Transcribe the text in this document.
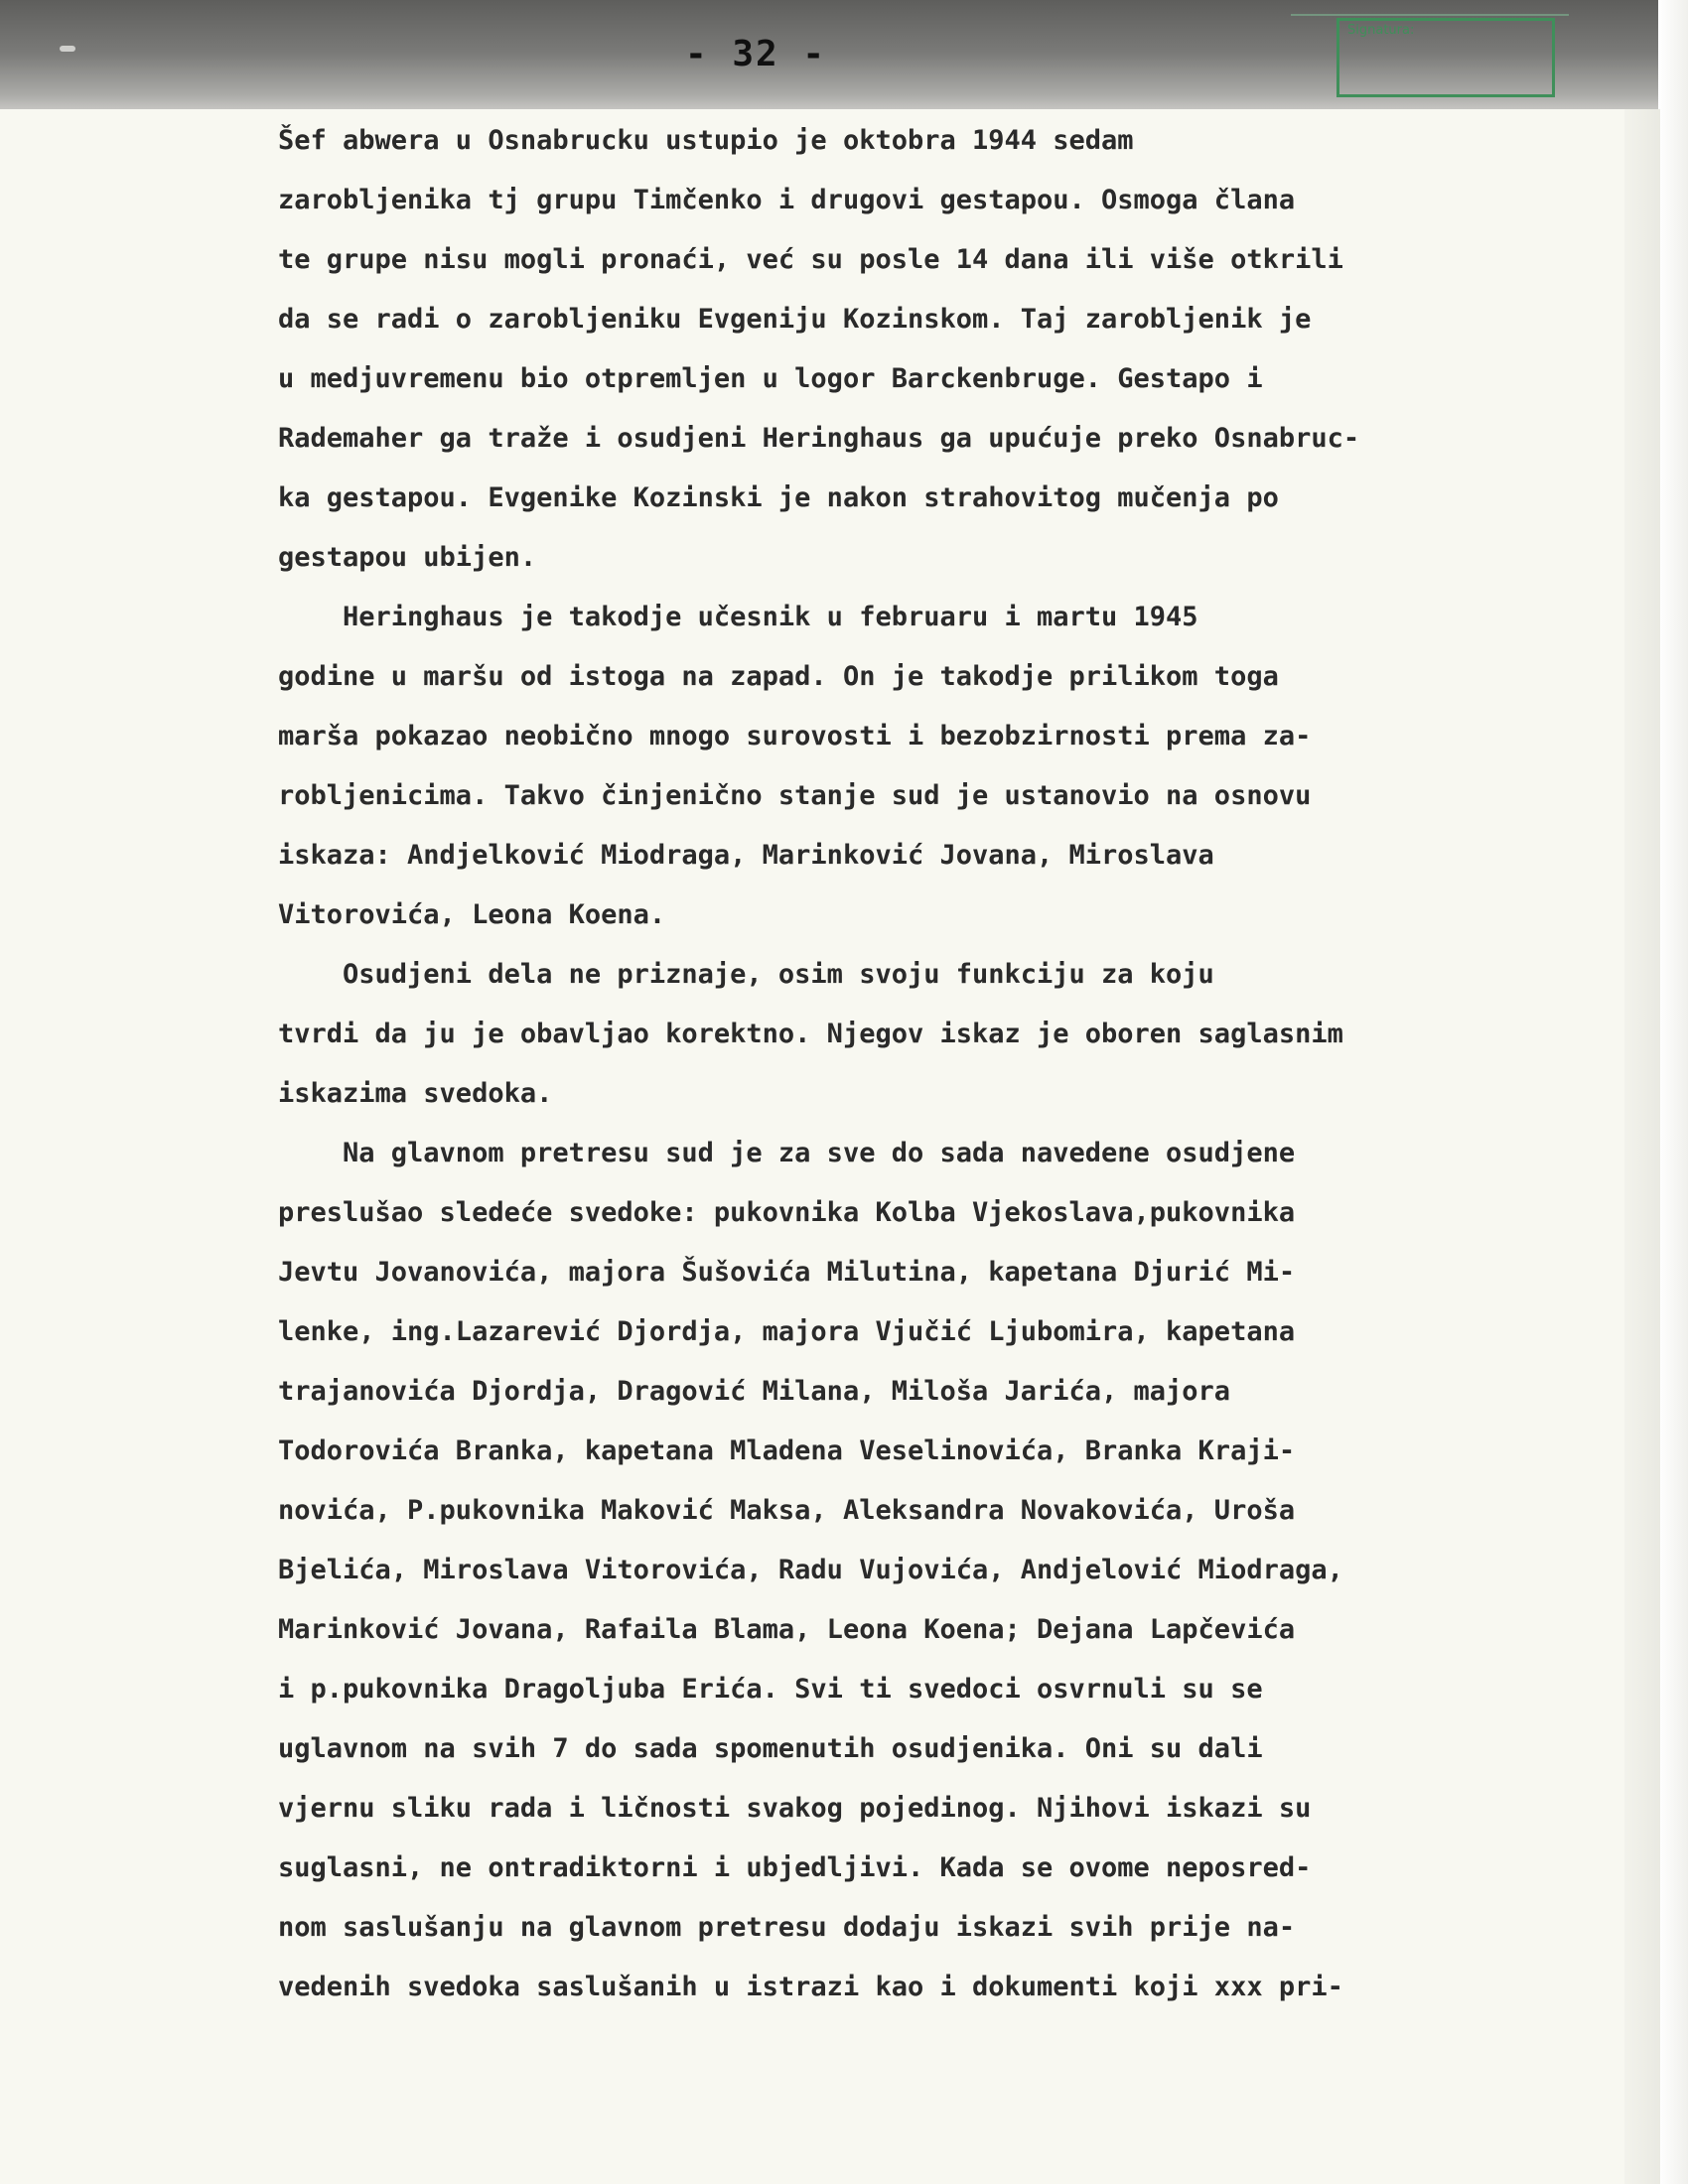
- 32 -
Signatura:
Šef abwera u Osnabrucku ustupio je oktobra 1944 sedam
zarobljenika tj grupu Timčenko i drugovi gestapou. Osmoga člana
te grupe nisu mogli pronaći, već su posle 14 dana ili više otkrili
da se radi o zarobljeniku Evgeniju Kozinskom. Taj zarobljenik je
u medjuvremenu bio otpremljen u logor Barckenbruge. Gestapo i
Rademaher ga traže i osudjeni Heringhaus ga upućuje preko Osnabruc-
ka gestapou. Evgenike Kozinski je nakon strahovitog mučenja po
gestapou ubijen.
Heringhaus je takodje učesnik u februaru i martu 1945
godine u maršu od istoga na zapad. On je takodje prilikom toga
marša pokazao neobično mnogo surovosti i bezobzirnosti prema za-
robljenicima. Takvo činjenično stanje sud je ustanovio na osnovu
iskaza: Andjelković Miodraga, Marinković Jovana, Miroslava
Vitorovića, Leona Koena.
Osudjeni dela ne priznaje, osim svoju funkciju za koju
tvrdi da ju je obavljao korektno. Njegov iskaz je oboren saglasnim
iskazima svedoka.
Na glavnom pretresu sud je za sve do sada navedene osudjene
preslušao sledeće svedoke: pukovnika Kolba Vjekoslava,pukovnika
Jevtu Jovanovića, majora Šušovića Milutina, kapetana Djurić Mi-
lenke, ing.Lazarević Djordja, majora Vjučić Ljubomira, kapetana
trajanovića Djordja, Dragović Milana, Miloša Jarića, majora
Todorovića Branka, kapetana Mladena Veselinovića, Branka Kraji-
novića, P.pukovnika Maković Maksa, Aleksandra Novakovića, Uroša
Bjelića, Miroslava Vitorovića, Radu Vujovića, Andjelović Miodraga,
Marinković Jovana, Rafaila Blama, Leona Koena; Dejana Lapčevića
i p.pukovnika Dragoljuba Erića. Svi ti svedoci osvrnuli su se
uglavnom na svih 7 do sada spomenutih osudjenika. Oni su dali
vjernu sliku rada i ličnosti svakog pojedinog. Njihovi iskazi su
suglasni, ne ontradiktorni i ubjedljivi. Kada se ovome neposred-
nom saslušanju na glavnom pretresu dodaju iskazi svih prije na-
vedenih svedoka saslušanih u istrazi kao i dokumenti koji xxx pri-
